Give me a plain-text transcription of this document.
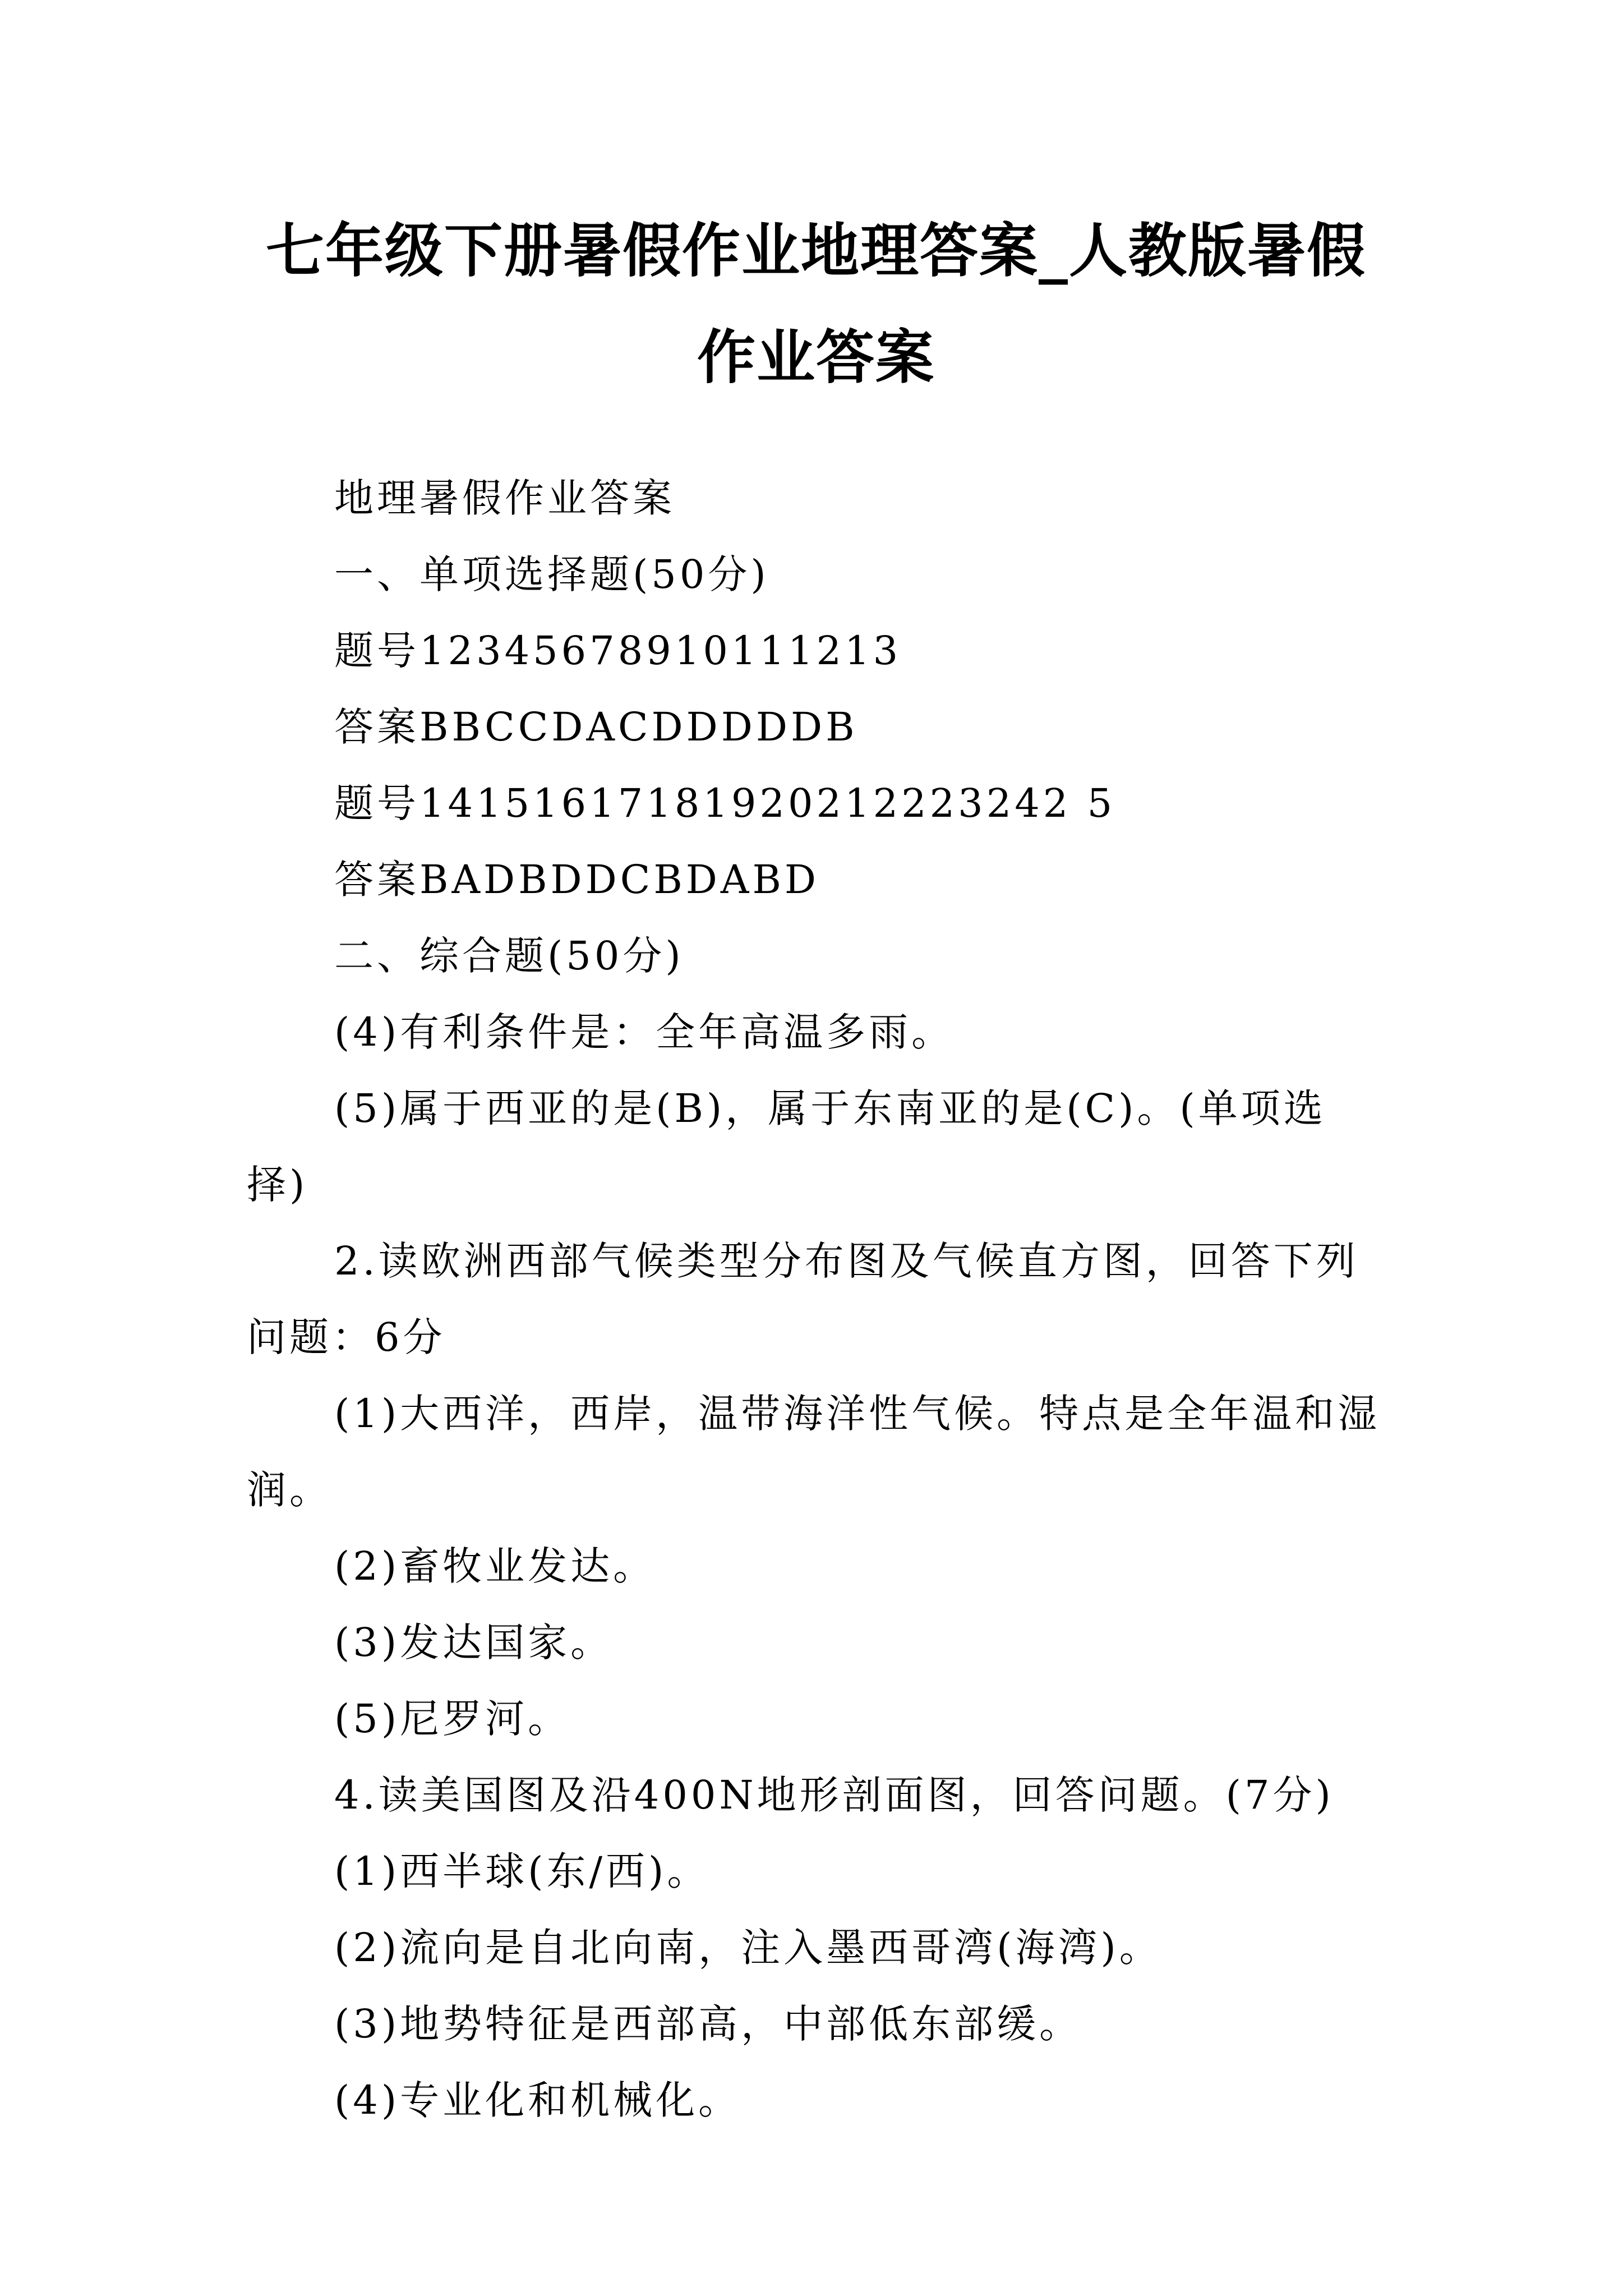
七年级下册暑假作业地理答案_人教版暑假作业答案

地理暑假作业答案

一、单项选择题(50分)

题号12345678910111213

答案BBCCDACDDDDDB

题号14151617181920212223242 5

答案BADBDDCBDABD

二、综合题(50分)

(4)有利条件是：全年高温多雨。

(5)属于西亚的是(B)，属于东南亚的是(C)。(单项选择)

2.读欧洲西部气候类型分布图及气候直方图，回答下列问题：6分

(1)大西洋，西岸，温带海洋性气候。特点是全年温和湿润。

(2)畜牧业发达。

(3)发达国家。

(5)尼罗河。

4.读美国图及沿400N地形剖面图，回答问题。(7分)

(1)西半球(东/西)。

(2)流向是自北向南，注入墨西哥湾(海湾)。

(3)地势特征是西部高，中部低东部缓。

(4)专业化和机械化。
